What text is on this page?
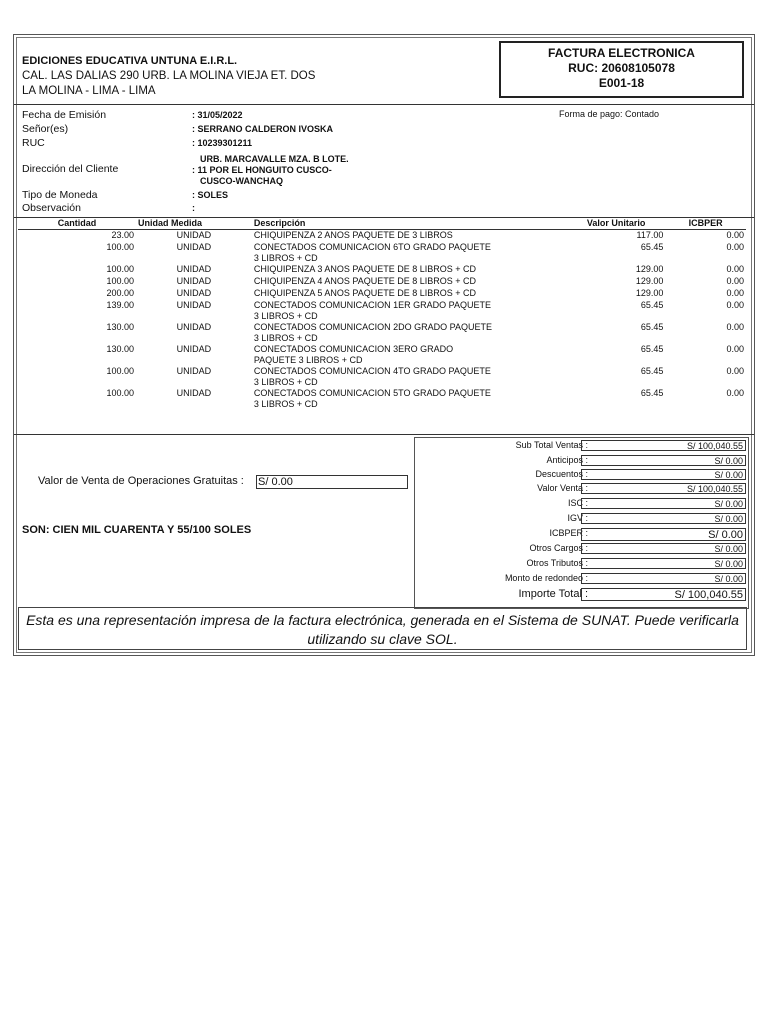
EDICIONES EDUCATIVA UNTUNA E.I.R.L.
CAL. LAS DALIAS 290 URB. LA MOLINA VIEJA ET. DOS
LA MOLINA - LIMA - LIMA
FACTURA ELECTRONICA
RUC: 20608105078
E001-18
Fecha de Emisión	: 31/05/2022
Señor(es)	: SERRANO CALDERON IVOSKA
RUC	: 10239301211
URB. MARCAVALLE MZA. B LOTE.
Dirección del Cliente	: 11 POR EL HONGUITO CUSCO-
CUSCO-WANCHAQ
Tipo de Moneda	: SOLES
Observación	:
Forma de pago: Contado
Cantidad	Unidad Medida	Descripción	Valor Unitario	ICBPER
23.00	UNIDAD	CHIQUIPENZA 2 ANOS PAQUETE DE 3 LIBROS	117.00	0.00
100.00	UNIDAD	CONECTADOS COMUNICACION 6TO GRADO PAQUETE
3 LIBROS + CD	65.45	0.00
100.00	UNIDAD	CHIQUIPENZA 3 ANOS PAQUETE DE 8 LIBROS + CD	129.00	0.00
100.00	UNIDAD	CHIQUIPENZA 4 ANOS PAQUETE DE 8 LIBROS + CD	129.00	0.00
200.00	UNIDAD	CHIQUIPENZA 5 ANOS PAQUETE DE 8 LIBROS + CD	129.00	0.00
139.00	UNIDAD	CONECTADOS COMUNICACION 1ER GRADO PAQUETE
3 LIBROS + CD	65.45	0.00
130.00	UNIDAD	CONECTADOS COMUNICACION 2DO GRADO PAQUETE
3 LIBROS + CD	65.45	0.00
130.00	UNIDAD	CONECTADOS COMUNICACION 3ERO GRADO
PAQUETE 3 LIBROS + CD	65.45	0.00
100.00	UNIDAD	CONECTADOS COMUNICACION 4TO GRADO PAQUETE
3 LIBROS + CD	65.45	0.00
100.00	UNIDAD	CONECTADOS COMUNICACION 5TO GRADO PAQUETE
3 LIBROS + CD	65.45	0.00
Valor de Venta de Operaciones Gratuitas : S/ 0.00
SON: CIEN MIL CUARENTA Y 55/100 SOLES
Sub Total Ventas :	S/ 100,040.55
Anticipos :	S/ 0.00
Descuentos :	S/ 0.00
Valor Venta :	S/ 100,040.55
ISC :	S/ 0.00
IGV :	S/ 0.00
ICBPER :	S/ 0.00
Otros Cargos :	S/ 0.00
Otros Tributos :	S/ 0.00
Monto de redondeo :	S/ 0.00
Importe Total :	S/ 100,040.55
Esta es una representación impresa de la factura electrónica, generada en el Sistema de SUNAT. Puede verificarla utilizando su clave SOL.
